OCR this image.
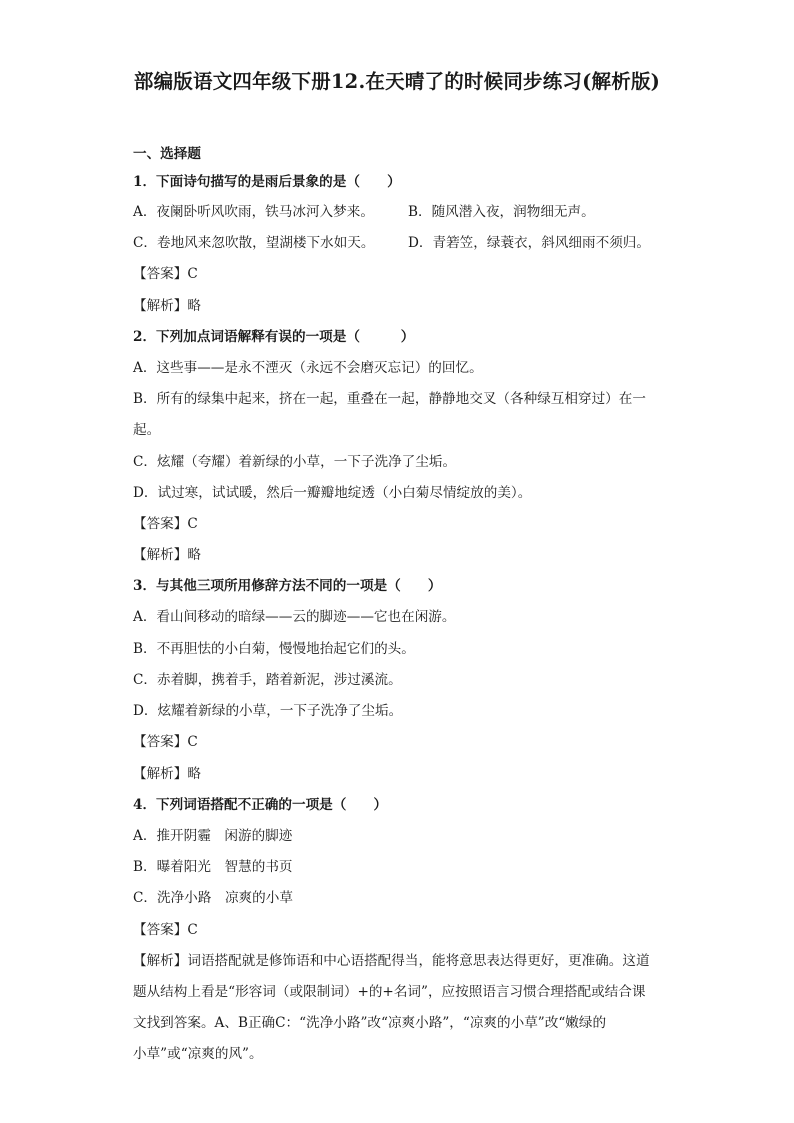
部编版语文四年级下册12.在天晴了的时候同步练习(解析版)
一、选择题
1．下面诗句描写的是雨后景象的是（　　）
A．夜阑卧听风吹雨，铁马冰河入梦来。	B．随风潜入夜，润物细无声。
C．卷地风来忽吹散，望湖楼下水如天。 D．青箬笠，绿蓑衣，斜风细雨不须归。
【答案】C
【解析】略
2．下列加点词语解释有误的一项是（　　　）
A．这些事——是永不湮灭（永远不会磨灭忘记）的回忆。
B．所有的绿集中起来，挤在一起，重叠在一起，静静地交叉（各种绿互相穿过）在一
起。
C．炫耀（夸耀）着新绿的小草，一下子洗净了尘垢。
D．试过寒，试试暖，然后一瓣瓣地绽透（小白菊尽情绽放的美）。
【答案】C
【解析】略
3．与其他三项所用修辞方法不同的一项是（　　）
A．看山间移动的暗绿——云的脚迹——它也在闲游。
B．不再胆怯的小白菊，慢慢地抬起它们的头。
C．赤着脚，携着手，踏着新泥，涉过溪流。
D．炫耀着新绿的小草，一下子洗净了尘垢。
【答案】C
【解析】略
4．下列词语搭配不正确的一项是（　　）
A．推开阴霾　闲游的脚迹
B．曝着阳光　智慧的书页
C．洗净小路　凉爽的小草
【答案】C
【解析】词语搭配就是修饰语和中心语搭配得当，能将意思表达得更好，更准确。这道
题从结构上看是“形容词（或限制词）+的+名词”，应按照语言习惯合理搭配或结合课
文找到答案。A、B正确C：“洗净小路”改“凉爽小路”，“凉爽的小草”改“嫩绿的
小草”或“凉爽的风”。
